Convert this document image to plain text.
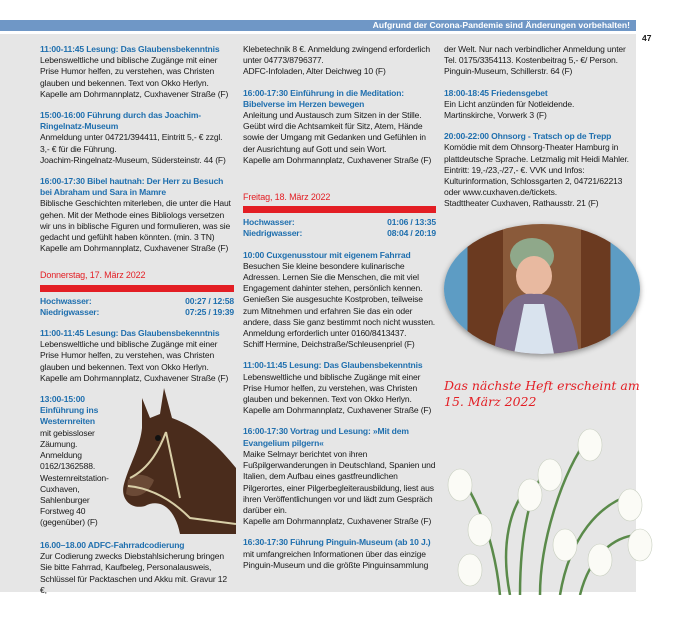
Aufgrund der Corona-Pandemie sind Änderungen vorbehalten!
47
11:00-11:45 Lesung: Das Glaubensbekenntnis
Lebensweltliche und biblische Zugänge mit einer Prise Humor helfen, zu verstehen, was Christen glauben und bekennen. Text von Okko Herlyn.
Kapelle am Dohrmannplatz, Cuxhavener Straße (F)
15:00-16:00 Führung durch das Joachim-Ringelnatz-Museum
Anmeldung unter 04721/394411, Eintritt 5,- € zzgl. 3,- € für die Führung.
Joachim-Ringelnatz-Museum, Südersteinstr. 44 (F)
16:00-17:30 Bibel hautnah: Der Herr zu Besuch bei Abraham und Sara in Mamre
Biblische Geschichten miterleben, die unter die Haut gehen. Mit der Methode eines Bibliologs versetzen wir uns in biblische Figuren und formulieren, was sie gedacht und gefühlt haben könnten. (min. 3 TN)
Kapelle am Dohrmannplatz, Cuxhavener Straße (F)
Donnerstag, 17. März 2022
Hochwasser:	00:27 / 12:58
Niedrigwasser:	07:25 / 19:39
11:00-11:45 Lesung: Das Glaubensbekenntnis
Lebensweltliche und biblische Zugänge mit einer Prise Humor helfen, zu verstehen, was Christen glauben und bekennen. Text von Okko Herlyn.
Kapelle am Dohrmannplatz, Cuxhavener Straße (F)
13:00-15:00 Einführung ins Westernreiten
mit gebissloser Zäumung. Anmeldung 0162/1362588. Westernreitstation-Cuxhaven, Sahlenburger Forstweg 40 (gegenüber) (F)
16.00–18.00 ADFC-Fahrradcodierung
Zur Codierung zwecks Diebstahlsicherung bringen Sie bitte Fahrrad, Kaufbeleg, Personalausweis, Schlüssel für Packtaschen und Akku mit. Gravur 12 €,
Klebetechnik 8 €. Anmeldung zwingend erforderlich unter 04773/8796377.
ADFC-Infoladen, Alter Deichweg 10 (F)
16:00-17:30 Einführung in die Meditation: Bibelverse im Herzen bewegen
Anleitung und Austausch zum Sitzen in der Stille. Geübt wird die Achtsamkeit für Sitz, Atem, Hände sowie der Umgang mit Gedanken und Gefühlen in der Ausrichtung auf Gott und sein Wort.
Kapelle am Dohrmannplatz, Cuxhavener Straße (F)
Freitag, 18. März 2022
Hochwasser:	01:06 / 13:35
Niedrigwasser:	08:04 / 20:19
10:00 Cuxgenusstour mit eigenem Fahrrad
Besuchen Sie kleine besondere kulinarische Adressen. Lernen Sie die Menschen, die mit viel Engagement dahinter stehen, persönlich kennen. Genießen Sie ausgesuchte Kostproben, teilweise zum Mitnehmen und erfahren Sie das ein oder andere, dass Sie ganz bestimmt noch nicht wussten. Anmeldung erforderlich unter 0160/8413437.
Schiff Hermine, Deichstraße/Schleusenpriel (F)
11:00-11:45 Lesung: Das Glaubensbekenntnis
Lebensweltliche und biblische Zugänge mit einer Prise Humor helfen, zu verstehen, was Christen glauben und bekennen. Text von Okko Herlyn.
Kapelle am Dohrmannplatz, Cuxhavener Straße (F)
16:00-17:30 Vortrag und Lesung: »Mit dem Evangelium pilgern«
Maike Selmayr berichtet von ihren Fußpilgerwanderungen in Deutschland, Spanien und Italien, dem Aufbau eines gastfreundlichen Pilgerortes, einer Pilgerbegleiterausbildung, liest aus ihren Veröffentlichungen vor und lädt zum Gespräch darüber ein.
Kapelle am Dohrmannplatz, Cuxhavener Straße (F)
16:30-17:30 Führung Pinguin-Museum (ab 10 J.)
mit umfangreichen Informationen über das einzige Pinguin-Museum und die größte Pinguinsammlung
der Welt. Nur nach verbindlicher Anmeldung unter Tel. 0175/3354113. Kostenbeitrag 5,- €/ Person.
Pinguin-Museum, Schillerstr. 64 (F)
18:00-18:45 Friedensgebet
Ein Licht anzünden für Notleidende.
Martinskirche, Vorwerk 3 (F)
20:00-22:00 Ohnsorg - Tratsch op de Trepp
Komödie mit dem Ohnsorg-Theater Hamburg in plattdeutsche Sprache. Letzmalig mit Heidi Mahler. Eintritt: 19,-/23,-/27,- €. VVK und Infos: Kulturinformation, Schlossgarten 2, 04721/62213 oder www.cuxhaven.de/tickets.
Stadttheater Cuxhaven, Rathausstr. 21 (F)
Das nächste Heft erscheint am
15. März 2022
